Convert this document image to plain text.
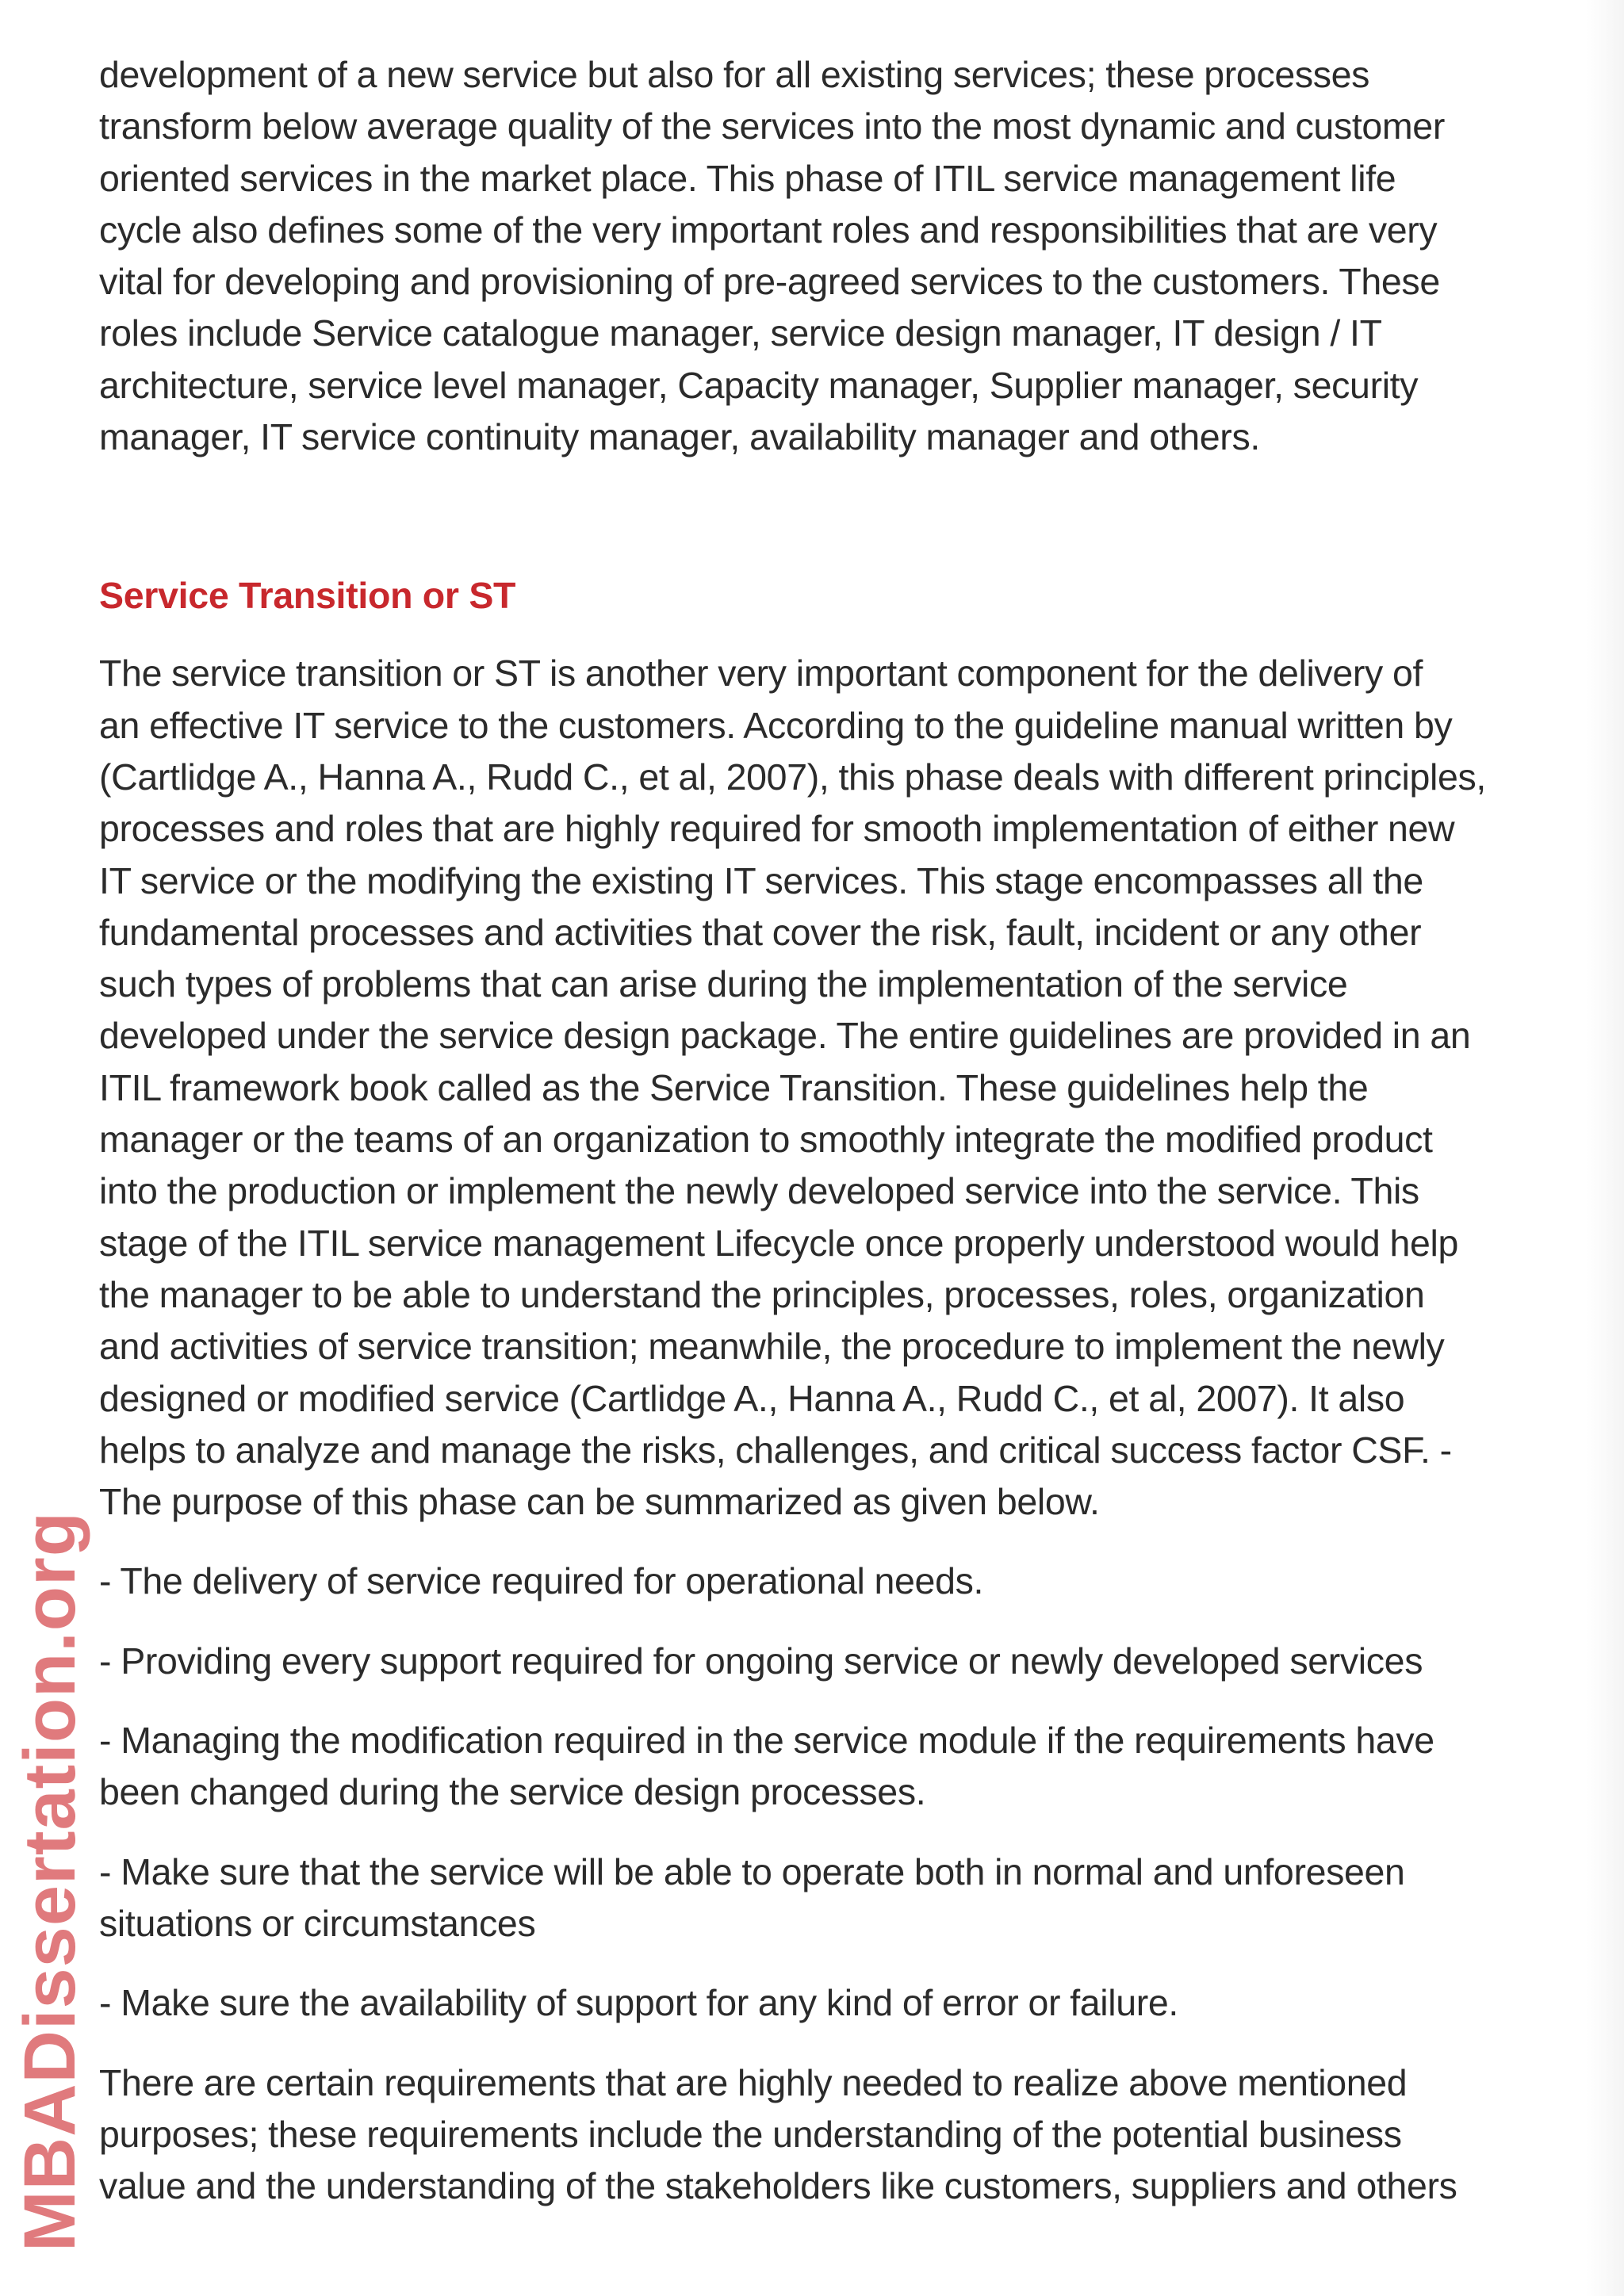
development of a new service but also for all existing services; these processes
transform below average quality of the services into the most dynamic and customer
oriented services in the market place. This phase of ITIL service management life
cycle also defines some of the very important roles and responsibilities that are very
vital for developing and provisioning of pre-agreed services to the customers. These
roles include Service catalogue manager, service design manager, IT design / IT
architecture, service level manager, Capacity manager, Supplier manager, security
manager, IT service continuity manager, availability manager and others.

Service Transition or ST

The service transition or ST is another very important component for the delivery of
an effective IT service to the customers. According to the guideline manual written by
(Cartlidge A., Hanna A., Rudd C., et al, 2007), this phase deals with different principles,
processes and roles that are highly required for smooth implementation of either new
IT service or the modifying the existing IT services. This stage encompasses all the
fundamental processes and activities that cover the risk, fault, incident or any other
such types of problems that can arise during the implementation of the service
developed under the service design package. The entire guidelines are provided in an
ITIL framework book called as the Service Transition. These guidelines help the
manager or the teams of an organization to smoothly integrate the modified product
into the production or implement the newly developed service into the service. This
stage of the ITIL service management Lifecycle once properly understood would help
the manager to be able to understand the principles, processes, roles, organization
and activities of service transition; meanwhile, the procedure to implement the newly
designed or modified service (Cartlidge A., Hanna A., Rudd C., et al, 2007). It also
helps to analyze and manage the risks, challenges, and critical success factor CSF. -
The purpose of this phase can be summarized as given below.

- The delivery of service required for operational needs.

- Providing every support required for ongoing service or newly developed services

- Managing the modification required in the service module if the requirements have
been changed during the service design processes.

- Make sure that the service will be able to operate both in normal and unforeseen
situations or circumstances

- Make sure the availability of support for any kind of error or failure.

There are certain requirements that are highly needed to realize above mentioned
purposes; these requirements include the understanding of the potential business
value and the understanding of the stakeholders like customers, suppliers and others

MBADissertation.org
